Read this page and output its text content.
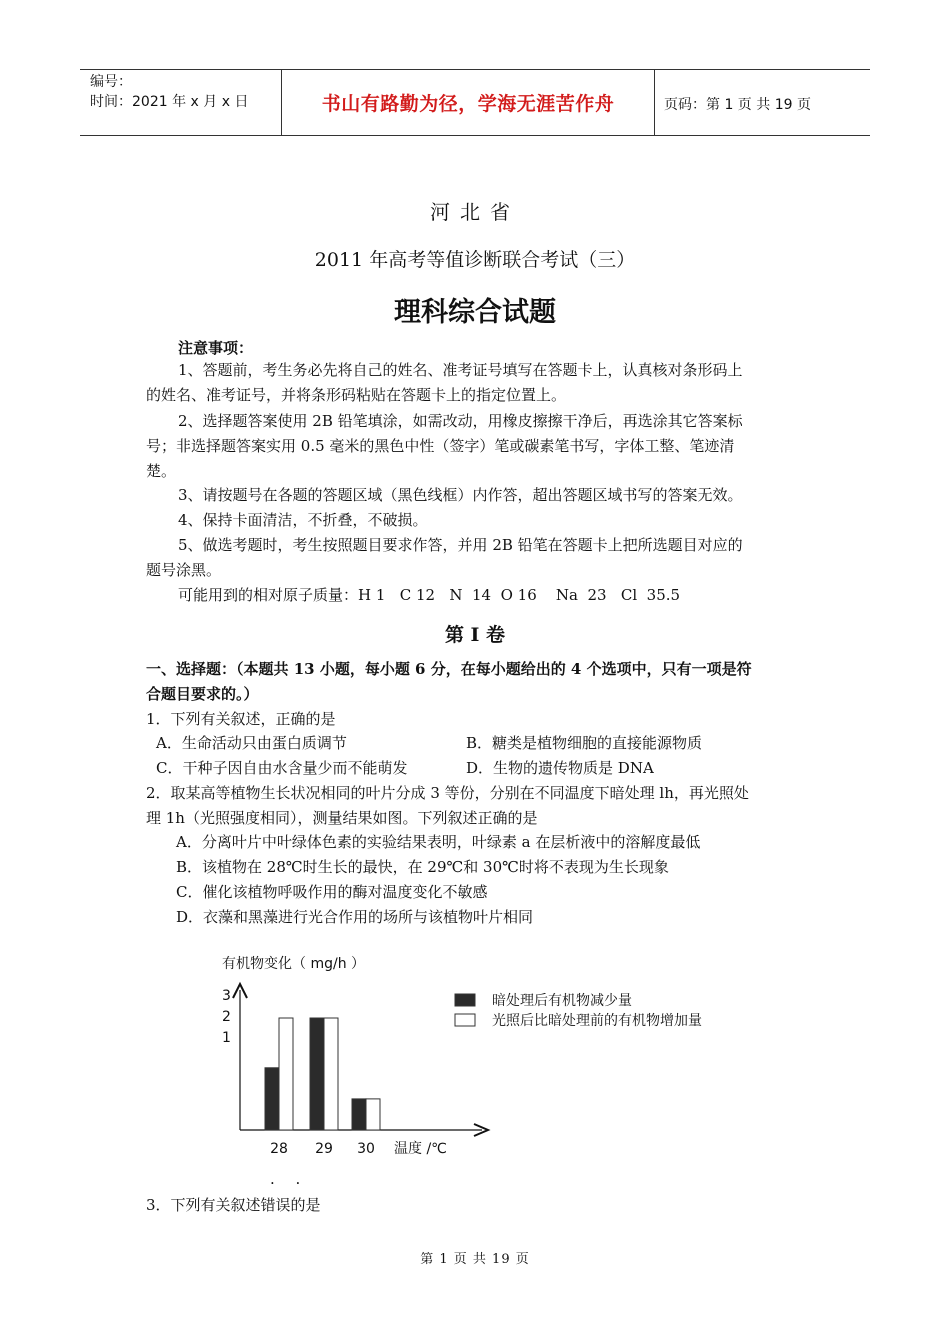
编号：
时间：2021 年 x 月 x 日	书山有路勤为径，学海无涯苦作舟	页码：第 1 页 共 19 页
河北省
2011 年高考等值诊断联合考试（三）
理科综合试题
注意事项：
1、答题前，考生务必先将自己的姓名、准考证号填写在答题卡上，认真核对条形码上
的姓名、准考证号，并将条形码粘贴在答题卡上的指定位置上。
2、选择题答案使用 2B 铅笔填涂，如需改动，用橡皮擦擦干净后，再选涂其它答案标
号；非选择题答案实用 0.5 毫米的黑色中性（签字）笔或碳素笔书写，字体工整、笔迹清
楚。
3、请按题号在各题的答题区域（黑色线框）内作答，超出答题区域书写的答案无效。
4、保持卡面清洁，不折叠，不破损。
5、做选考题时，考生按照题目要求作答，并用 2B 铅笔在答题卡上把所选题目对应的
题号涂黑。
可能用到的相对原子质量：H 1   C 12   N  14  O 16    Na  23   Cl  35.5
第 I 卷
一、选择题：（本题共 13 小题，每小题 6 分，在每小题给出的 4 个选项中，只有一项是符
合题目要求的。）
1．下列有关叙述，正确的是
A．生命活动只由蛋白质调节	B．糖类是植物细胞的直接能源物质
C．干种子因自由水含量少而不能萌发	D．生物的遗传物质是 DNA
2．取某高等植物生长状况相同的叶片分成 3 等份，分别在不同温度下暗处理 lh，再光照处
理 1h（光照强度相同），测量结果如图。下列叙述正确的是
A．分离叶片中叶绿体色素的实验结果表明，叶绿素 a 在层析液中的溶解度最低
B．该植物在 28℃时生长的最快，在 29℃和 30℃时将不表现为生长现象
C．催化该植物呼吸作用的酶对温度变化不敏感
D．衣藻和黑藻进行光合作用的场所与该植物叶片相同
有机物变化（ mg/h ）
温度 /℃
3
2
1
28 29 30
暗处理后有机物减少量
光照后比暗处理前的有机物增加量
. .
3．下列有关叙述错误的是
第 1 页 共 19 页
